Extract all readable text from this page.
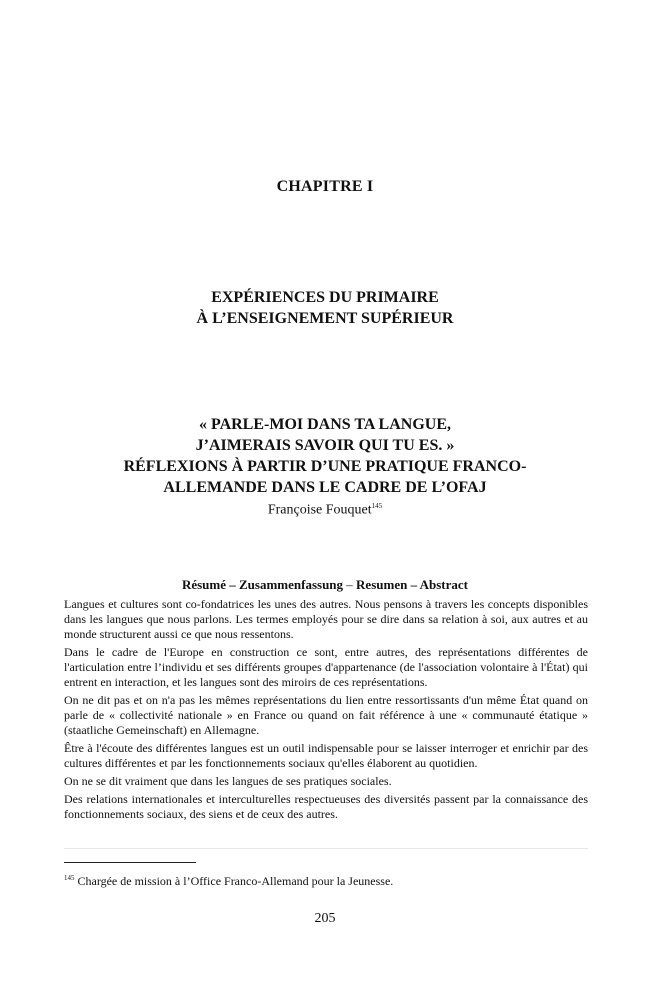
CHAPITRE I
EXPÉRIENCES DU PRIMAIRE
À L’ENSEIGNEMENT SUPÉRIEUR
« PARLE-MOI DANS TA LANGUE,
J’AIMERAIS SAVOIR QUI TU ES. »
RÉFLEXIONS À PARTIR D’UNE PRATIQUE FRANCO-
ALLEMANDE DANS LE CADRE DE L’OFAJ
Françoise Fouquet$^{145}$
Résumé – Zusammenfassung – Resumen – Abstract

Langues et cultures sont co-fondatrices les unes des autres. Nous pensons à travers les concepts disponibles dans les langues que nous parlons. Les termes employés pour se dire dans sa relation à soi, aux autres et au monde structurent aussi ce que nous ressentons.

Dans le cadre de l'Europe en construction ce sont, entre autres, des représentations différentes de l'articulation entre l’individu et ses différents groupes d'appartenance (de l'association volontaire à l'État) qui entrent en interaction, et les langues sont des miroirs de ces représentations.

On ne dit pas et on n'a pas les mêmes représentations du lien entre ressortissants d'un même État quand on parle de « collectivité nationale » en France ou quand on fait référence à une « communauté étatique » (staatliche Gemeinschaft) en Allemagne.

Être à l'écoute des différentes langues est un outil indispensable pour se laisser interroger et enrichir par des cultures différentes et par les fonctionnements sociaux qu'elles élaborent au quotidien.

On ne se dit vraiment que dans les langues de ses pratiques sociales.

Des relations internationales et interculturelles respectueuses des diversités passent par la connaissance des fonctionnements sociaux, des siens et de ceux des autres.

$^{145}$ Chargée de mission à l’Office Franco-Allemand pour la Jeunesse.
205
